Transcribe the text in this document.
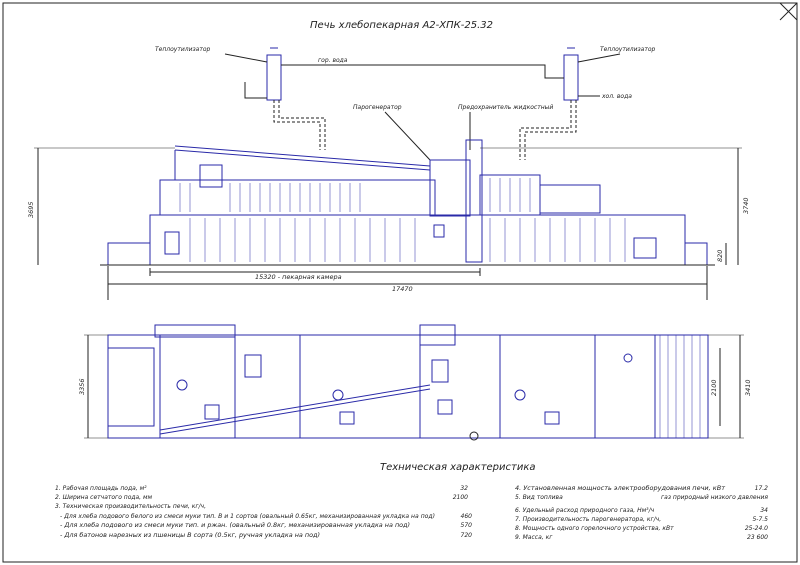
Печь хлебопекарная А2-ХПК-25.32
Теплоутилизатор	Теплоутилизатор
гор. вода
хол. вода
Парогенератор	Предохранитель жидкостный
15320 - пекарная камера
17470
3695	3740
820
3356	2100	3410
Техническая характеристика
1. Рабочая площадь пода, м²	32
2. Ширина сетчатого пода, мм	2100
3. Техническая производительность печи, кг/ч,
- Для хлеба подового белого из смеси муки тип. В и 1 сортов (овальный 0.65кг, механизированная укладка на под)	460
- Для хлеба подового из смеси муки тип. и ржан. (овальный 0.8кг, механизированная укладка на под)	570
- Для батонов нарезных из пшеницы В сорта (0.5кг, ручная укладка на под)	720
4. Установленная мощность электрооборудования печи, кВт	17.2
5. Вид топлива	газ природный низкого давления
6. Удельный расход природного газа, Нм³/ч	34
7. Производительность парогенератора, кг/ч,	5-7.5
8. Мощность одного горелочного устройства, кВт	25-24.0
9. Масса, кг	23 600
